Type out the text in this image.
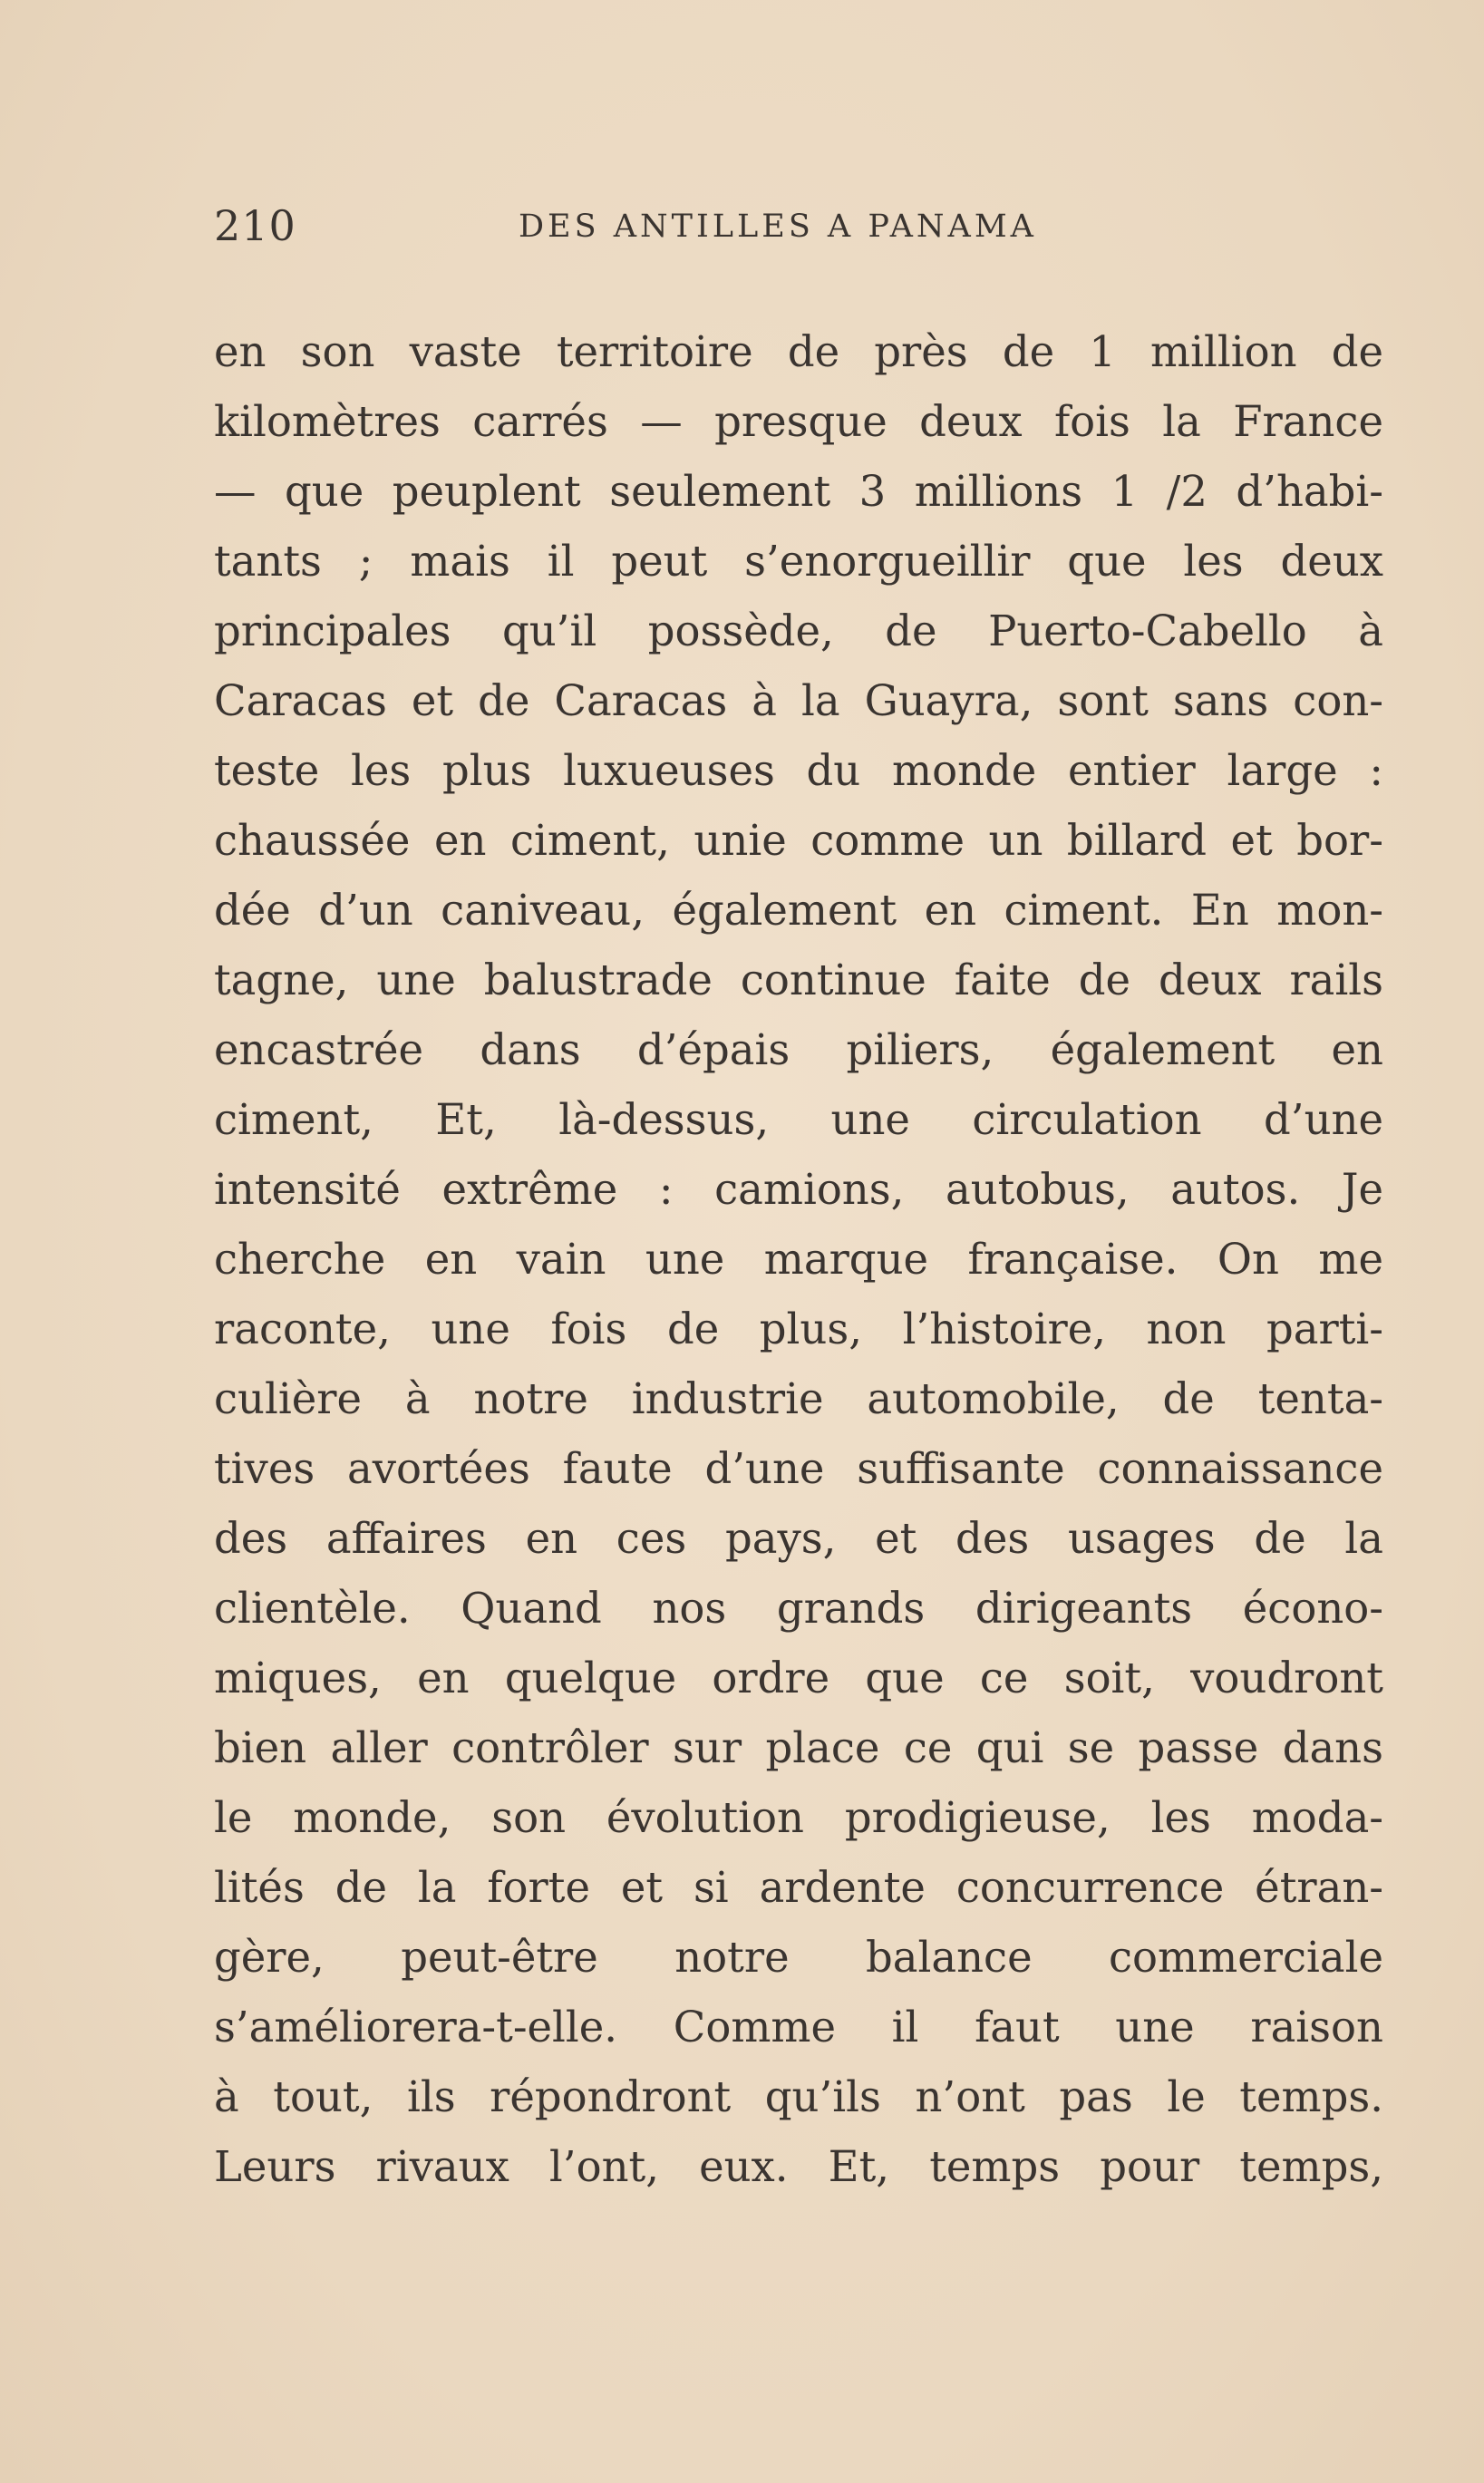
210	DES ANTILLES A PANAMA
en son vaste territoire de près de 1 million de
kilomètres carrés — presque deux fois la France
— que peuplent seulement 3 millions 1 /2 d’habi-
tants ; mais il peut s’enorgueillir que les deux
principales qu’il possède, de Puerto-Cabello à
Caracas et de Caracas à la Guayra, sont sans con-
teste les plus luxueuses du monde entier large :
chaussée en ciment, unie comme un billard et bor-
dée d’un caniveau, également en ciment. En mon-
tagne, une balustrade continue faite de deux rails
encastrée dans d’épais piliers, également en
ciment, Et, là-dessus, une circulation d’une
intensité extrême : camions, autobus, autos. Je
cherche en vain une marque française. On me
raconte, une fois de plus, l’histoire, non parti-
culière à notre industrie automobile, de tenta-
tives avortées faute d’une suffisante connaissance
des affaires en ces pays, et des usages de la
clientèle. Quand nos grands dirigeants écono-
miques, en quelque ordre que ce soit, voudront
bien aller contrôler sur place ce qui se passe dans
le monde, son évolution prodigieuse, les moda-
lités de la forte et si ardente concurrence étran-
gère, peut-être notre balance commerciale
s’améliorera-t-elle. Comme il faut une raison
à tout, ils répondront qu’ils n’ont pas le temps.
Leurs rivaux l’ont, eux. Et, temps pour temps,
